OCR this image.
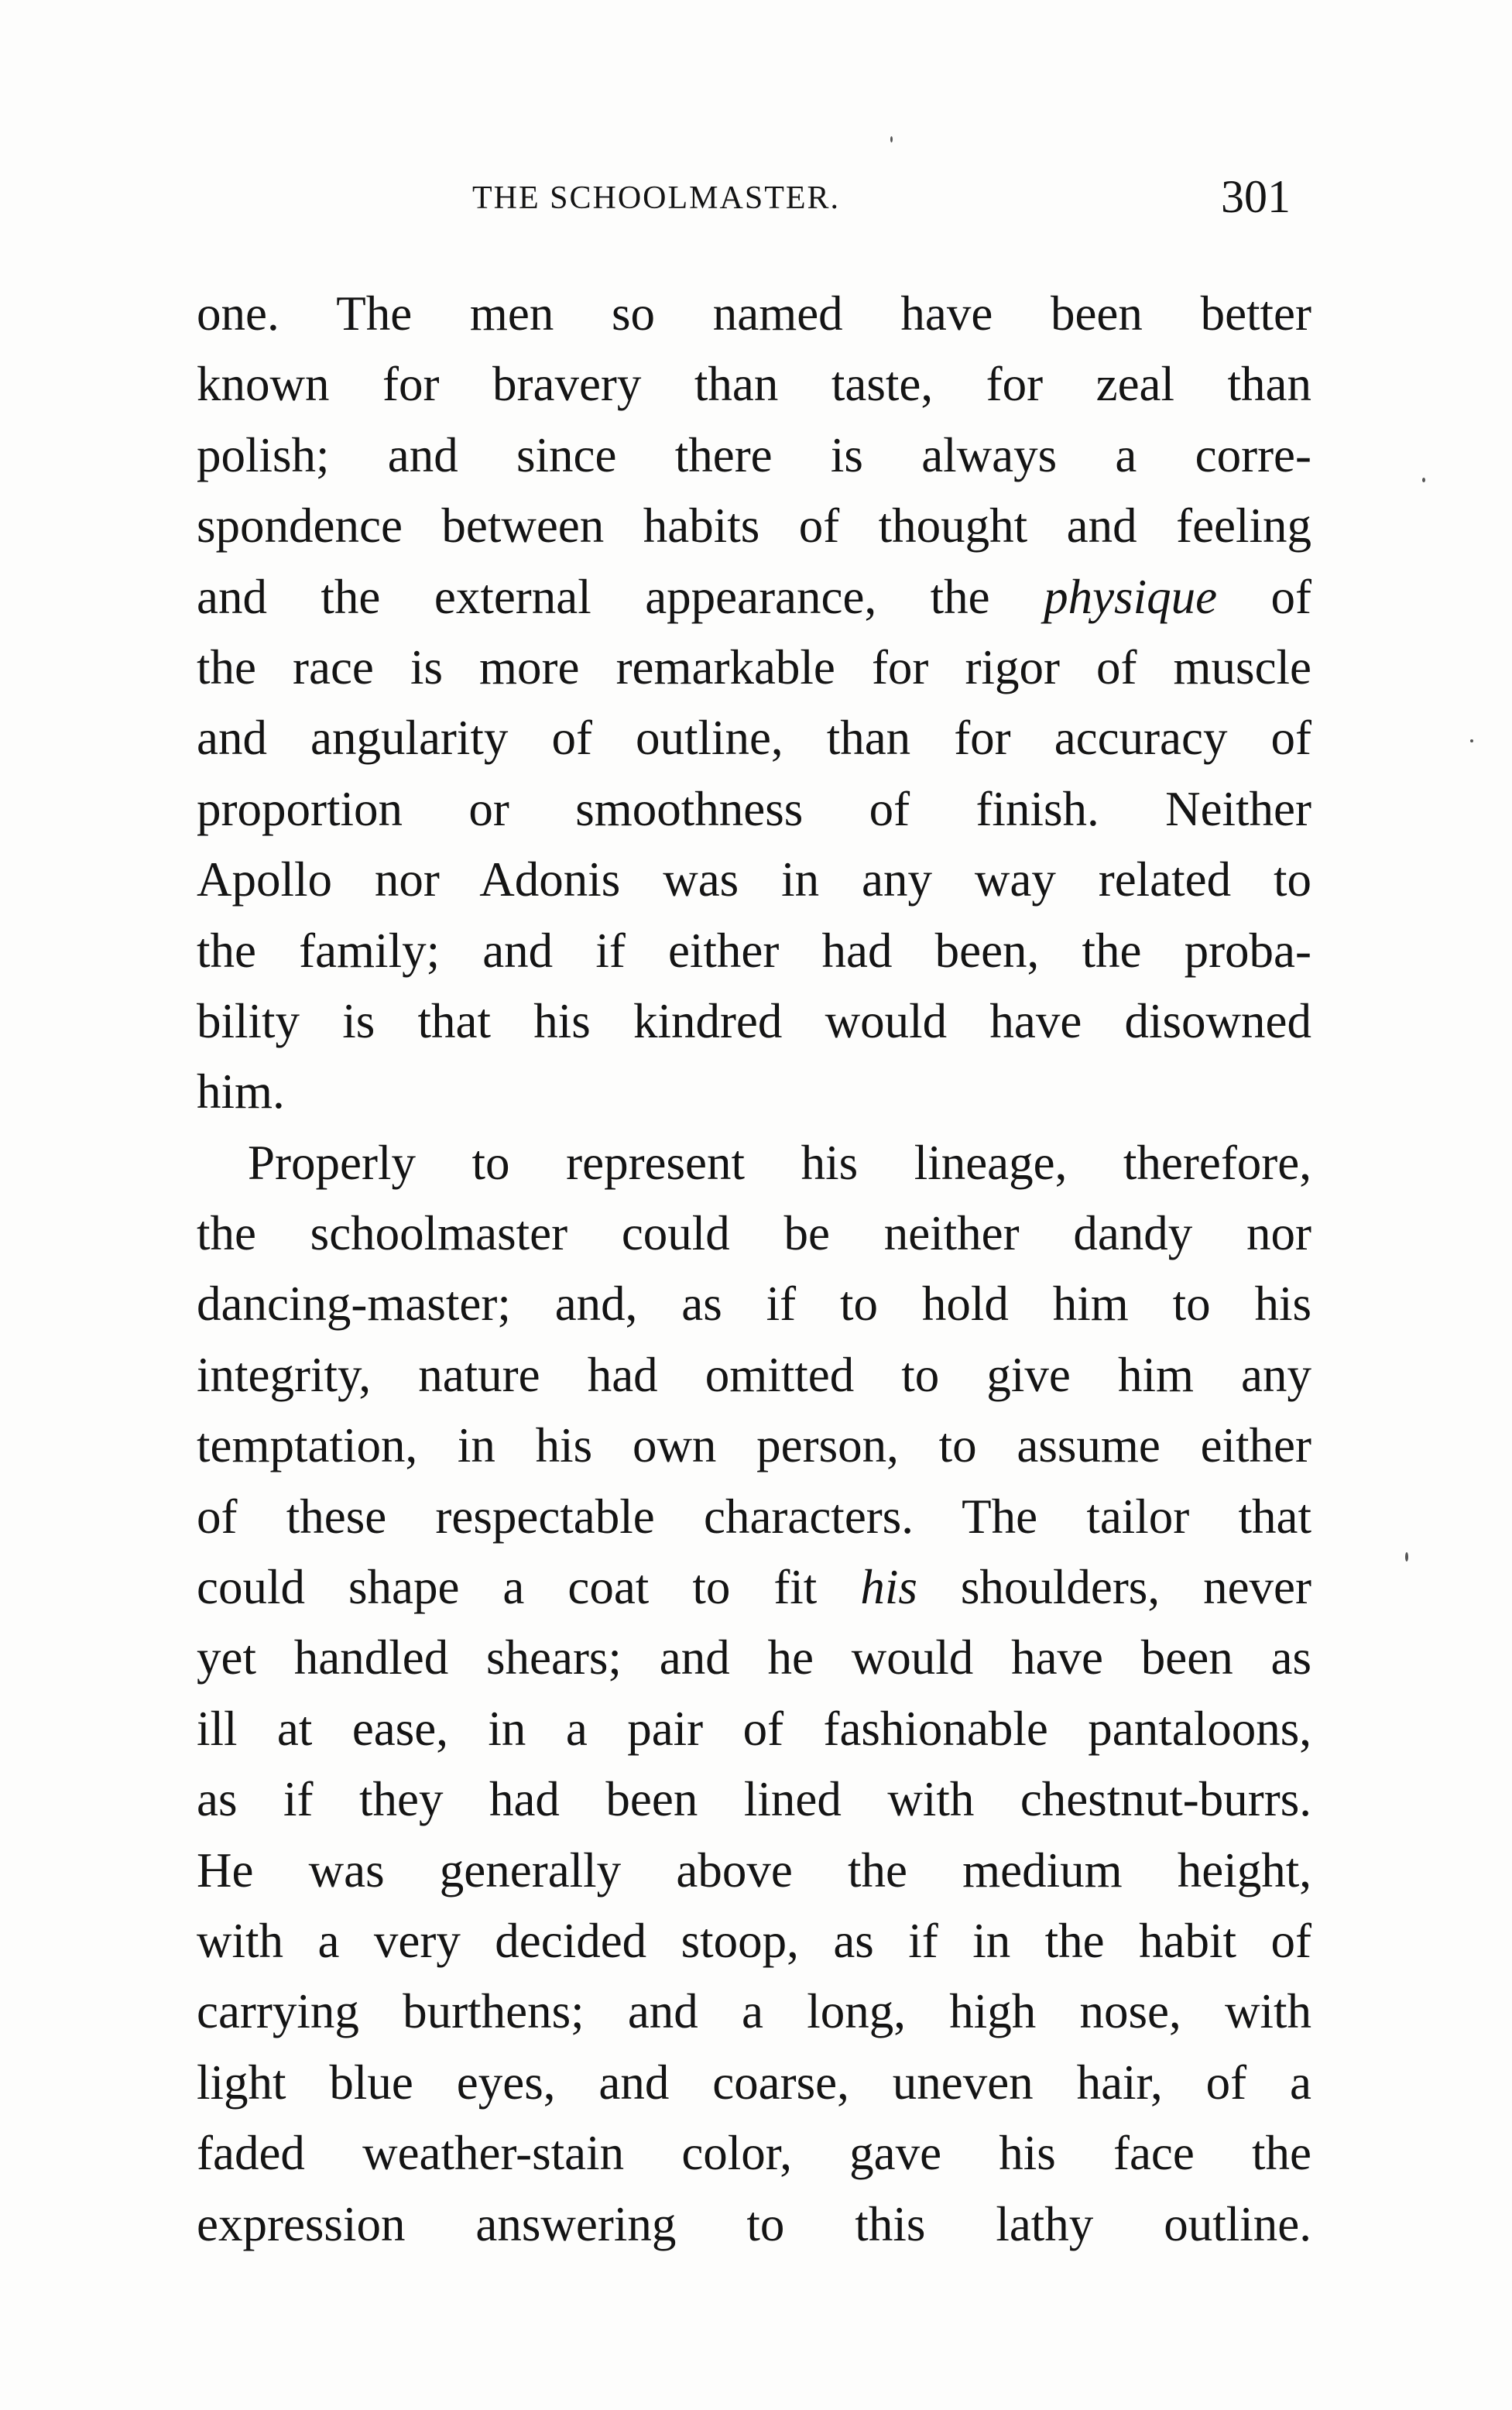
THE SCHOOLMASTER.	301
one. The men so named have been better
known for bravery than taste, for zeal than
polish; and since there is always a corre-
spondence between habits of thought and feeling
and the external appearance, the physique of
the race is more remarkable for rigor of muscle
and angularity of outline, than for accuracy of
proportion or smoothness of finish. Neither
Apollo nor Adonis was in any way related to
the family; and if either had been, the proba-
bility is that his kindred would have disowned
him.
Properly to represent his lineage, therefore,
the schoolmaster could be neither dandy nor
dancing-master; and, as if to hold him to his
integrity, nature had omitted to give him any
temptation, in his own person, to assume either
of these respectable characters. The tailor that
could shape a coat to fit his shoulders, never
yet handled shears; and he would have been as
ill at ease, in a pair of fashionable pantaloons,
as if they had been lined with chestnut-burrs.
He was generally above the medium height,
with a very decided stoop, as if in the habit of
carrying burthens; and a long, high nose, with
light blue eyes, and coarse, uneven hair, of a
faded weather-stain color, gave his face the
expression answering to this lathy outline.
